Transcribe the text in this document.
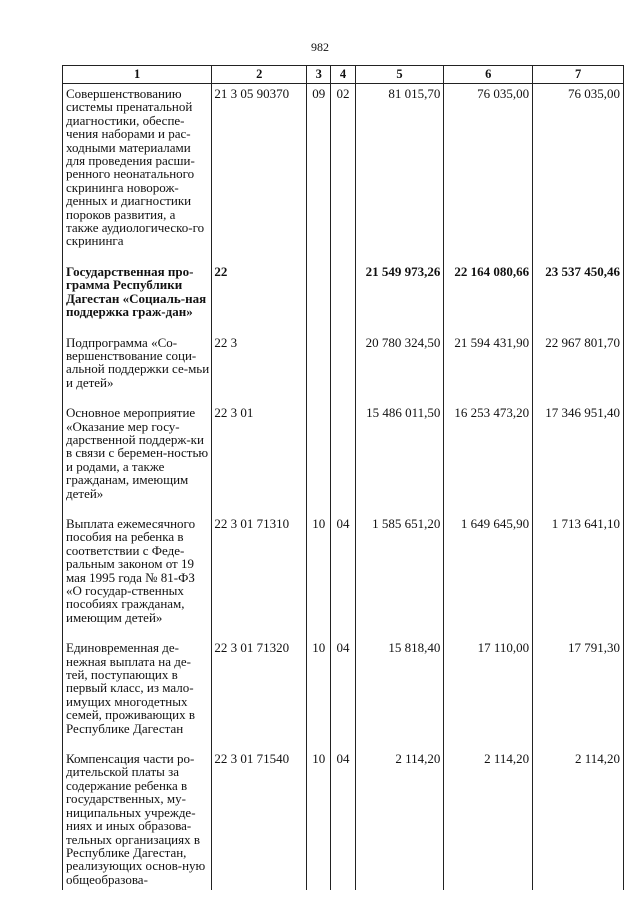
982
1	2	3	4	5	6	7
Совершенствованию системы пренатальной диагностики, обеспе-чения наборами и рас-ходными материалами для проведения расши-ренного неонатального скрининга новорож-денных и диагностики пороков развития, а также аудиологическо-го скрининга	21 3 05 90370	09	02	81 015,70	76 035,00	76 035,00
Государственная про-грамма Республики Дагестан «Социаль-ная поддержка граж-дан»	22			21 549 973,26	22 164 080,66	23 537 450,46
Подпрограмма «Со-вершенствование соци-альной поддержки се-мьи и детей»	22 3			20 780 324,50	21 594 431,90	22 967 801,70
Основное мероприятие «Оказание мер госу-дарственной поддерж-ки в связи с беремен-ностью и родами, а также гражданам, имеющим детей»	22 3 01			15 486 011,50	16 253 473,20	17 346 951,40
Выплата ежемесячного пособия на ребенка в соответствии с Феде-ральным законом от 19 мая 1995 года № 81-ФЗ «О государ-ственных пособиях гражданам, имеющим детей»	22 3 01 71310	10	04	1 585 651,20	1 649 645,90	1 713 641,10
Единовременная де-нежная выплата на де-тей, поступающих в первый класс, из мало-имущих многодетных семей, проживающих в Республике Дагестан	22 3 01 71320	10	04	15 818,40	17 110,00	17 791,30
Компенсация части ро-дительской платы за содержание ребенка в государственных, му-ниципальных учрежде-ниях и иных образова-тельных организациях в Республике Дагестан, реализующих основ-ную общеобразова-	22 3 01 71540	10	04	2 114,20	2 114,20	2 114,20
